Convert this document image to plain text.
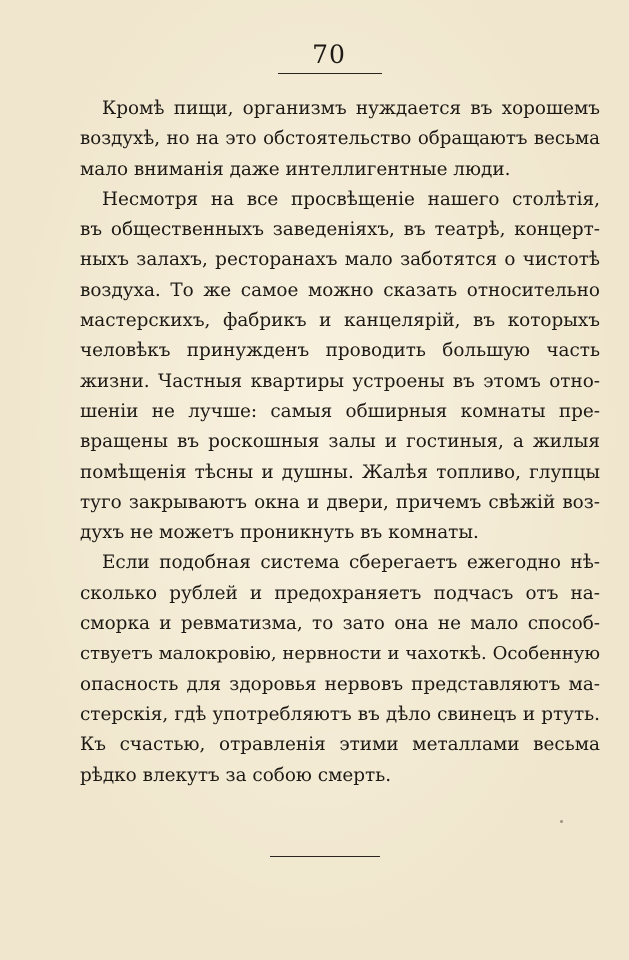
70

Кромѣ пищи, организмъ нуждается въ хорошемъ
воздухѣ, но на это обстоятельство обращаютъ весьма
мало вниманія даже интеллигентные люди.

Несмотря на все просвѣщеніе нашего столѣтія,
въ общественныхъ заведеніяхъ, въ театрѣ, концерт-
ныхъ залахъ, ресторанахъ мало заботятся о чистотѣ
воздуха. То же самое можно сказать относительно
мастерскихъ, фабрикъ и канцелярій, въ которыхъ
человѣкъ принужденъ проводить большую часть
жизни. Частныя квартиры устроены въ этомъ отно-
шеніи не лучше: самыя обширныя комнаты пре-
вращены въ роскошныя залы и гостиныя, а жилыя
помѣщенія тѣсны и душны. Жалѣя топливо, глупцы
туго закрываютъ окна и двери, причемъ свѣжій воз-
духъ не можетъ проникнуть въ комнаты.

Если подобная система сберегаетъ ежегодно нѣ-
сколько рублей и предохраняетъ подчасъ отъ на-
сморка и ревматизма, то зато она не мало способ-
ствуетъ малокровію, нервности и чахоткѣ. Особенную
опасность для здоровья нервовъ представляютъ ма-
стерскія, гдѣ употребляютъ въ дѣло свинецъ и ртуть.
Къ счастью, отравленія этими металлами весьма
рѣдко влекутъ за собою смерть.
